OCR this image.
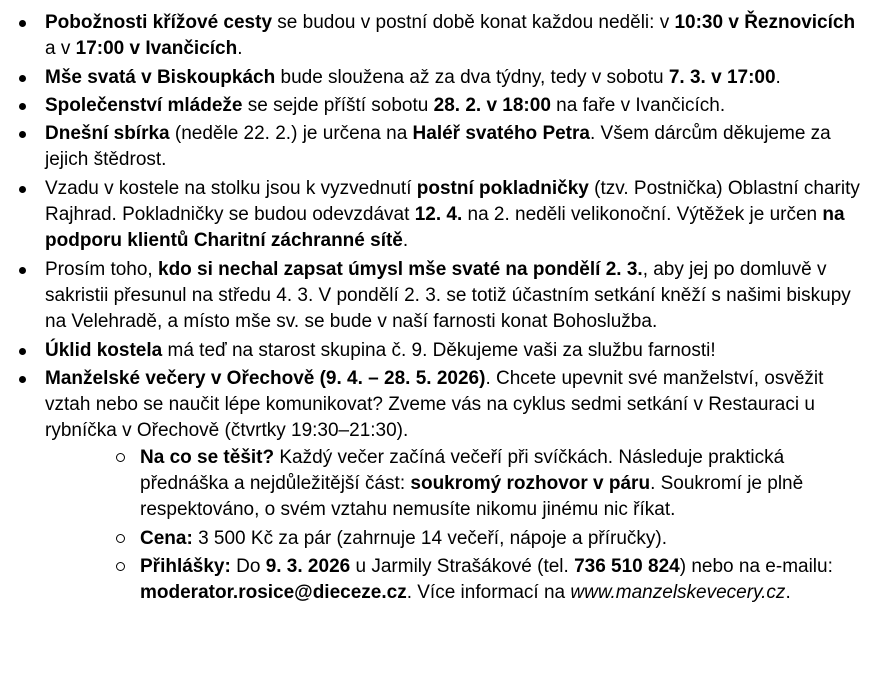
Pobožnosti křížové cesty se budou v postní době konat každou neděli: v 10:30 v Řeznovicích a v 17:00 v Ivančicích.
Mše svatá v Biskoupkách bude sloužena až za dva týdny, tedy v sobotu 7. 3. v 17:00.
Společenství mládeže se sejde příští sobotu 28. 2. v 18:00 na faře v Ivančicích.
Dnešní sbírka (neděle 22. 2.) je určena na Haléř svatého Petra. Všem dárcům děkujeme za jejich štědrost.
Vzadu v kostele na stolku jsou k vyzvednutí postní pokladničky (tzv. Postnička) Oblastní charity Rajhrad. Pokladničky se budou odevzdávat 12. 4. na 2. neděli velikonoční. Výtěžek je určen na podporu klientů Charitní záchranné sítě.
Prosím toho, kdo si nechal zapsat úmysl mše svaté na pondělí 2. 3., aby jej po domluvě v sakristii přesunul na středu 4. 3. V pondělí 2. 3. se totiž účastním setkání kněží s našimi biskupy na Velehradě, a místo mše sv. se bude v naší farnosti konat Bohoslužba.
Úklid kostela má teď na starost skupina č. 9. Děkujeme vaši za službu farnosti!
Manželské večery v Ořechově (9. 4. – 28. 5. 2026). Chcete upevnit své manželství, osvěžit vztah nebo se naučit lépe komunikovat? Zveme vás na cyklus sedmi setkání v Restauraci u rybníčka v Ořechově (čtvrtky 19:30–21:30).
Na co se těšit? Každý večer začíná večeří při svíčkách. Následuje praktická přednáška a nejdůležitější část: soukromý rozhovor v páru. Soukromí je plně respektováno, o svém vztahu nemusíte nikomu jinému nic říkat.
Cena: 3 500 Kč za pár (zahrnuje 14 večeří, nápoje a příručky).
Přihlášky: Do 9. 3. 2026 u Jarmily Strašákové (tel. 736 510 824) nebo na e-mailu: moderator.rosice@dieceze.cz. Více informací na www.manzelskevecery.cz.
